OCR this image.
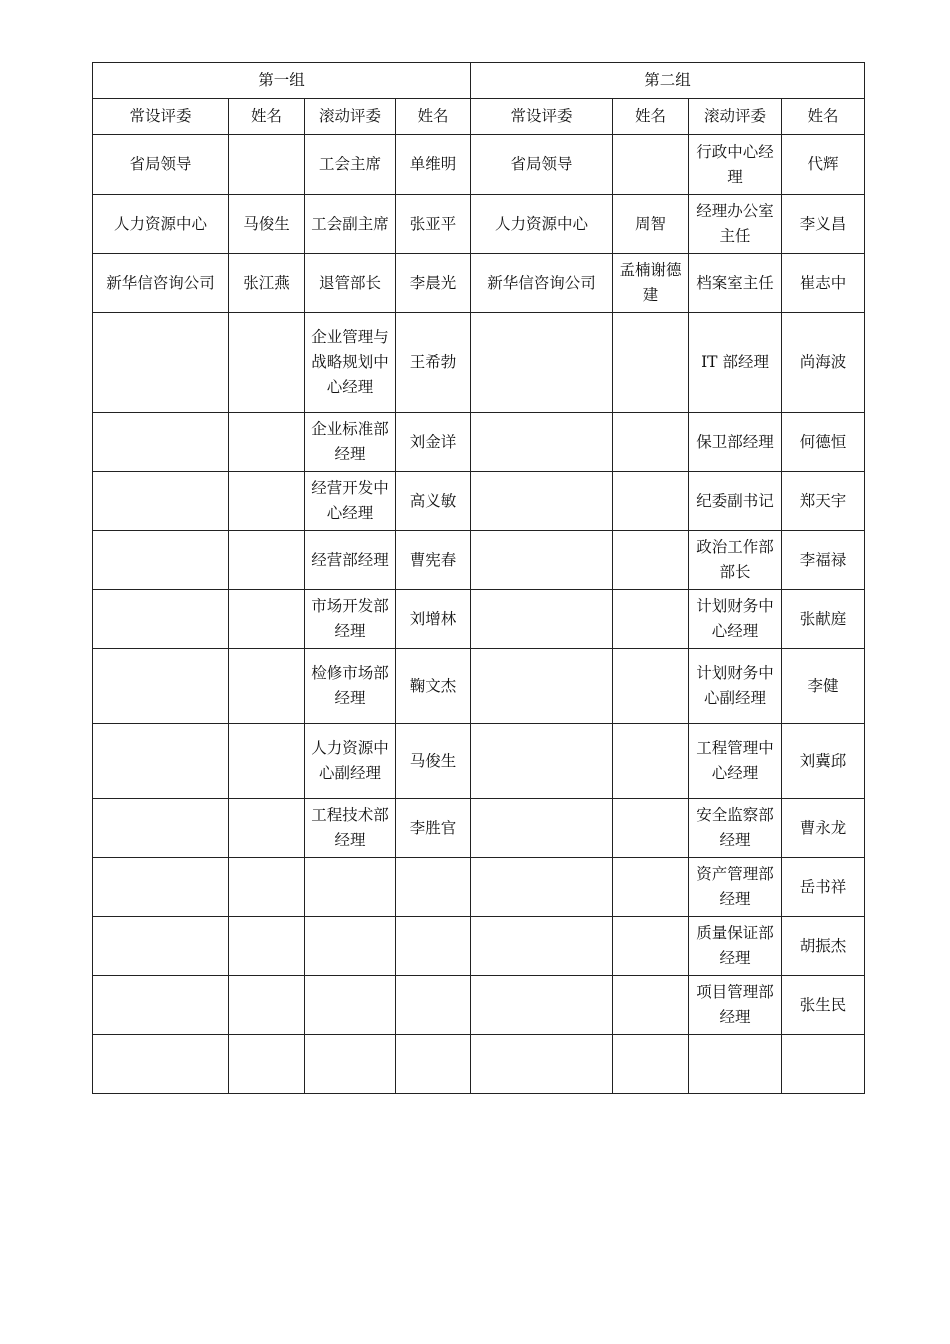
第一组				第二组			
常设评委	姓名	滚动评委	姓名	常设评委	姓名	滚动评委	姓名
省局领导		工会主席	单维明	省局领导		行政中心经理	代辉
人力资源中心	马俊生	工会副主席	张亚平	人力资源中心	周智	经理办公室主任	李义昌
新华信咨询公司	张江燕	退管部长	李晨光	新华信咨询公司	孟楠谢德建	档案室主任	崔志中
		企业管理与战略规划中心经理	王希勃			IT 部经理	尚海波
		企业标准部经理	刘金详			保卫部经理	何德恒
		经营开发中心经理	高义敏			纪委副书记	郑天宇
		经营部经理	曹宪春			政治工作部部长	李福禄
		市场开发部经理	刘增林			计划财务中心经理	张献庭
		检修市场部经理	鞠文杰			计划财务中心副经理	李健
		人力资源中心副经理	马俊生			工程管理中心经理	刘冀邱
		工程技术部经理	李胜官			安全监察部经理	曹永龙
						资产管理部经理	岳书祥
						质量保证部经理	胡振杰
						项目管理部经理	张生民
